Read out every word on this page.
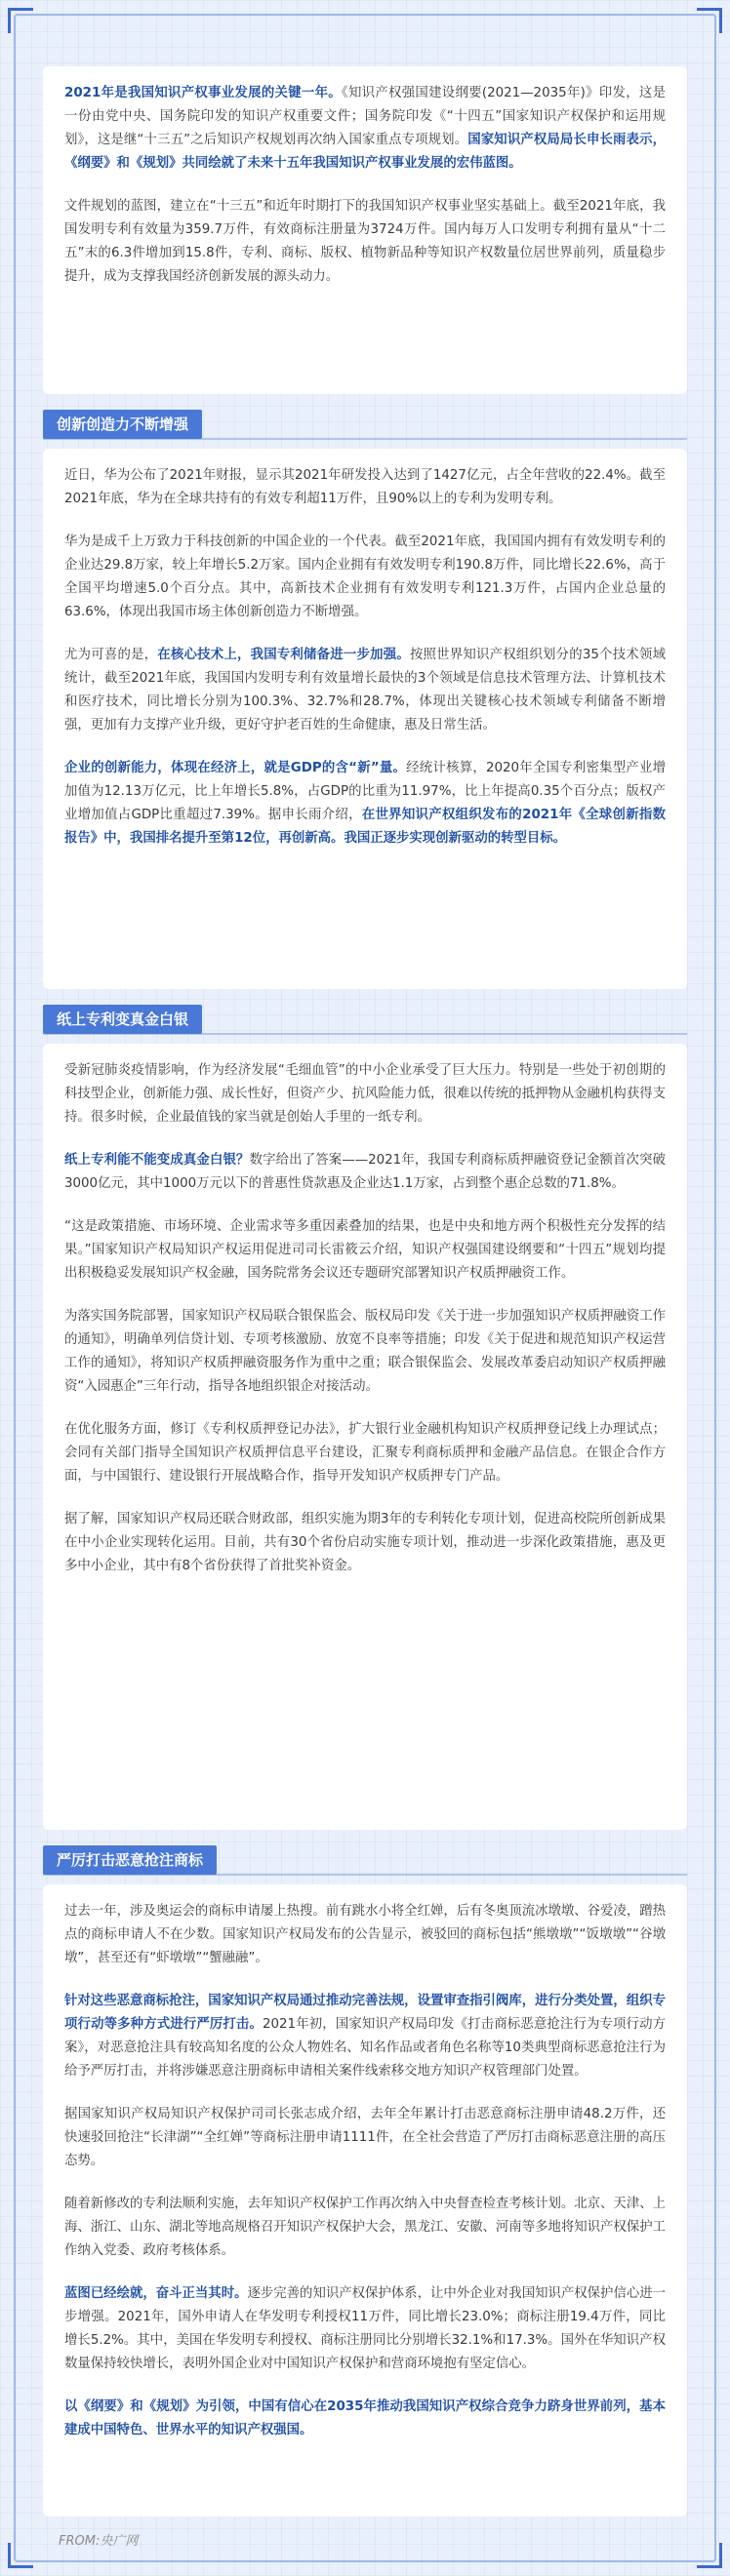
2021年是我国知识产权事业发展的关键一年。《知识产权强国建设纲要(2021—2035年)》印发，这是一份由党中央、国务院印发的知识产权重要文件；国务院印发《“十四五”国家知识产权保护和运用规划》，这是继“十三五”之后知识产权规划再次纳入国家重点专项规划。国家知识产权局局长申长雨表示，《纲要》和《规划》共同绘就了未来十五年我国知识产权事业发展的宏伟蓝图。

文件规划的蓝图，建立在“十三五”和近年时期打下的我国知识产权事业坚实基础上。截至2021年底，我国发明专利有效量为359.7万件，有效商标注册量为3724万件。国内每万人口发明专利拥有量从“十二五”末的6.3件增加到15.8件，专利、商标、版权、植物新品种等知识产权数量位居世界前列，质量稳步提升，成为支撑我国经济创新发展的源头动力。

创新创造力不断增强

近日，华为公布了2021年财报，显示其2021年研发投入达到了1427亿元，占全年营收的22.4%。截至2021年底，华为在全球共持有的有效专利超11万件，且90%以上的专利为发明专利。

华为是成千上万致力于科技创新的中国企业的一个代表。截至2021年底，我国国内拥有有效发明专利的企业达29.8万家，较上年增长5.2万家。国内企业拥有有效发明专利190.8万件，同比增长22.6%，高于全国平均增速5.0个百分点。其中，高新技术企业拥有有效发明专利121.3万件，占国内企业总量的63.6%，体现出我国市场主体创新创造力不断增强。

尤为可喜的是，在核心技术上，我国专利储备进一步加强。按照世界知识产权组织划分的35个技术领域统计，截至2021年底，我国国内发明专利有效量增长最快的3个领域是信息技术管理方法、计算机技术和医疗技术，同比增长分别为100.3%、32.7%和28.7%，体现出关键核心技术领域专利储备不断增强，更加有力支撑产业升级，更好守护老百姓的生命健康，惠及日常生活。

企业的创新能力，体现在经济上，就是GDP的含“新”量。经统计核算，2020年全国专利密集型产业增加值为12.13万亿元，比上年增长5.8%，占GDP的比重为11.97%，比上年提高0.35个百分点；版权产业增加值占GDP比重超过7.39%。据申长雨介绍，在世界知识产权组织发布的2021年《全球创新指数报告》中，我国排名提升至第12位，再创新高。我国正逐步实现创新驱动的转型目标。

纸上专利变真金白银

受新冠肺炎疫情影响，作为经济发展“毛细血管”的中小企业承受了巨大压力。特别是一些处于初创期的科技型企业，创新能力强、成长性好，但资产少、抗风险能力低，很难以传统的抵押物从金融机构获得支持。很多时候，企业最值钱的家当就是创始人手里的一纸专利。

纸上专利能不能变成真金白银？数字给出了答案——2021年，我国专利商标质押融资登记金额首次突破3000亿元，其中1000万元以下的普惠性贷款惠及企业达1.1万家，占到整个惠企总数的71.8%。

“这是政策措施、市场环境、企业需求等多重因素叠加的结果，也是中央和地方两个积极性充分发挥的结果。”国家知识产权局知识产权运用促进司司长雷筱云介绍，知识产权强国建设纲要和“十四五”规划均提出积极稳妥发展知识产权金融，国务院常务会议还专题研究部署知识产权质押融资工作。

为落实国务院部署，国家知识产权局联合银保监会、版权局印发《关于进一步加强知识产权质押融资工作的通知》，明确单列信贷计划、专项考核激励、放宽不良率等措施；印发《关于促进和规范知识产权运营工作的通知》，将知识产权质押融资服务作为重中之重；联合银保监会、发展改革委启动知识产权质押融资“入园惠企”三年行动，指导各地组织银企对接活动。

在优化服务方面，修订《专利权质押登记办法》，扩大银行业金融机构知识产权质押登记线上办理试点；会同有关部门指导全国知识产权质押信息平台建设，汇聚专利商标质押和金融产品信息。在银企合作方面，与中国银行、建设银行开展战略合作，指导开发知识产权质押专门产品。

据了解，国家知识产权局还联合财政部，组织实施为期3年的专利转化专项计划，促进高校院所创新成果在中小企业实现转化运用。目前，共有30个省份启动实施专项计划，推动进一步深化政策措施，惠及更多中小企业，其中有8个省份获得了首批奖补资金。

严厉打击恶意抢注商标

过去一年，涉及奥运会的商标申请屡上热搜。前有跳水小将全红婵，后有冬奥顶流冰墩墩、谷爱凌，蹭热点的商标申请人不在少数。国家知识产权局发布的公告显示，被驳回的商标包括“熊墩墩”“饭墩墩”“谷墩墩”，甚至还有“虾墩墩”“蟹融融”。

针对这些恶意商标抢注，国家知识产权局通过推动完善法规，设置审查指引阀库，进行分类处置，组织专项行动等多种方式进行严厉打击。2021年初，国家知识产权局印发《打击商标恶意抢注行为专项行动方案》，对恶意抢注具有较高知名度的公众人物姓名、知名作品或者角色名称等10类典型商标恶意抢注行为给予严厉打击，并将涉嫌恶意注册商标申请相关案件线索移交地方知识产权管理部门处置。

据国家知识产权局知识产权保护司司长张志成介绍，去年全年累计打击恶意商标注册申请48.2万件，还快速驳回抢注“长津湖”“全红婵”等商标注册申请1111件，在全社会营造了严厉打击商标恶意注册的高压态势。

随着新修改的专利法顺利实施，去年知识产权保护工作再次纳入中央督查检查考核计划。北京、天津、上海、浙江、山东、湖北等地高规格召开知识产权保护大会，黑龙江、安徽、河南等多地将知识产权保护工作纳入党委、政府考核体系。

蓝图已经绘就，奋斗正当其时。逐步完善的知识产权保护体系，让中外企业对我国知识产权保护信心进一步增强。2021年，国外申请人在华发明专利授权11万件，同比增长23.0%；商标注册19.4万件，同比增长5.2%。其中，美国在华发明专利授权、商标注册同比分别增长32.1%和17.3%。国外在华知识产权数量保持较快增长，表明外国企业对中国知识产权保护和营商环境抱有坚定信心。

以《纲要》和《规划》为引领，中国有信心在2035年推动我国知识产权综合竞争力跻身世界前列，基本建成中国特色、世界水平的知识产权强国。

FROM:央广网
